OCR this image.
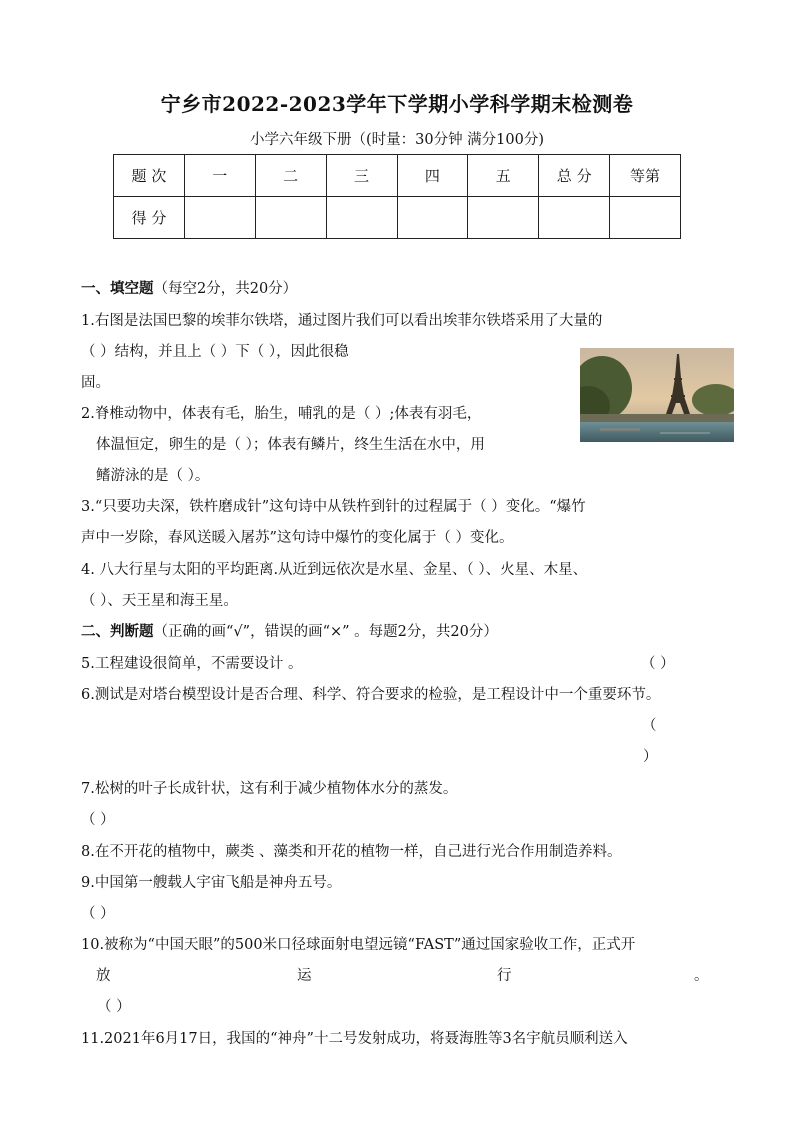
宁乡市2022-2023学年下学期小学科学期末检测卷
小学六年级下册（(时量：30分钟 满分100分)
题 次	一	二	三	四	五	总 分	等第
得 分							
一、填空题（每空2分，共20分）
1.右图是法国巴黎的埃菲尔铁塔，通过图片我们可以看出埃菲尔铁塔采用了大量的
（ ）结构，并且上（ ）下（ ），因此很稳
固。
2.脊椎动物中，体表有毛，胎生，哺乳的是（ ）;体表有羽毛，
体温恒定，卵生的是（ ）；体表有鳞片，终生生活在水中，用
鳍游泳的是（ ）。
3.“只要功夫深，铁杵磨成针”这句诗中从铁杵到针的过程属于（ ）变化。“爆竹
声中一岁除，春风送暖入屠苏”这句诗中爆竹的变化属于（ ）变化。
4. 八大行星与太阳的平均距离.从近到远依次是水星、金星、（ ）、火星、木星、
（ ）、天王星和海王星。
二、判断题（正确的画“√”，错误的画“×” 。每题2分，共20分）
5.工程建设很简单，不需要设计 。	（ ）
6.测试是对塔台模型设计是否合理、科学、符合要求的检验，是工程设计中一个重要环节。
（
）
7.松树的叶子长成针状，这有利于减少植物体水分的蒸发。
（ ）
8.在不开花的植物中，蕨类 、藻类和开花的植物一样，自己进行光合作用制造养料。
9.中国第一艘载人宇宙飞船是神舟五号。
（ ）
10.被称为“中国天眼”的500米口径球面射电望远镜“FAST”通过国家验收工作，正式开
放	运	行	。
（ ）
11.2021年6月17日，我国的“神舟”十二号发射成功，将聂海胜等3名宇航员顺利送入
